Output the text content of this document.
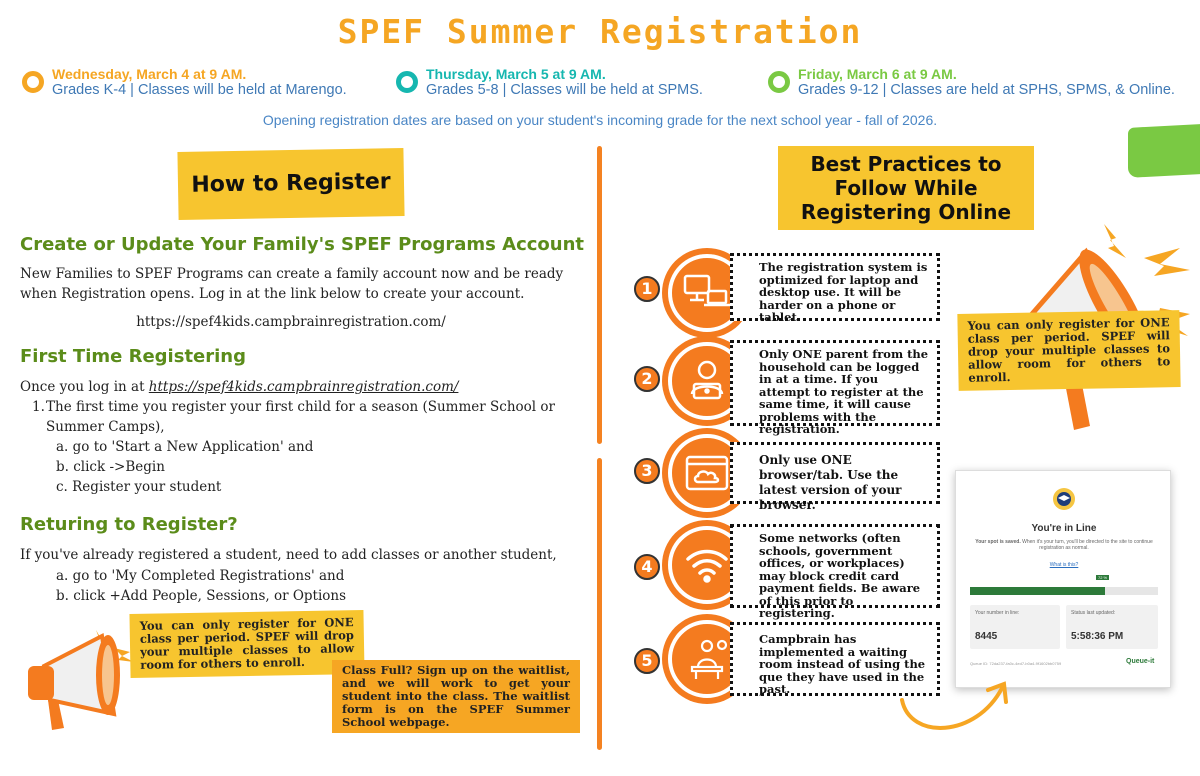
SPEF Summer Registration
Wednesday, March 4 at 9 AM.
Grades K-4 | Classes will be held at Marengo.
Thursday, March 5 at 9 AM.
Grades 5-8 | Classes will be held at SPMS.
Friday, March 6 at 9 AM.
Grades 9-12 | Classes are held at SPHS, SPMS, & Online.
Opening registration dates are based on your student's incoming grade for the next school year - fall of 2026.
How to Register
Create or Update Your Family's SPEF Programs Account
New Families to SPEF Programs can create a family account now and be ready when Registration opens. Log in at the link below to create your account.
https://spef4kids.campbrainregistration.com/
First Time Registering
Once you log in at https://spef4kids.campbrainregistration.com/
1. The first time you register your first child for a season (Summer School or Summer Camps),
a. go to 'Start a New Application' and
b. click ->Begin
c. Register your student
Returing to Register?
If you've already registered a student, need to add classes or another student,
a. go to 'My Completed Registrations' and
b. click +Add People, Sessions, or Options
You can only register for ONE class per period. SPEF will drop your multiple classes to allow room for others to enroll.	Class Full? Sign up on the waitlist, and we will work to get your student into the class. The waitlist form is on the SPEF Summer School webpage.
Best Practices to Follow While Registering Online
You can only register for ONE class per period. SPEF will drop your multiple classes to allow room for others to enroll.
1
The registration system is optimized for laptop and desktop use. It will be harder on a phone or tablet.
2
Only ONE parent from the household can be logged in at a time. If you attempt to register at the same time, it will cause problems with the registration.
3
Only use ONE browser/tab. Use the latest version of your browser.
4
Some networks (often schools, government offices, or workplaces) may block credit card payment fields. Be aware of this prior to registering.
5
Campbrain has implemented a waiting room instead of using the que they have used in the past.
You're in Line
Your spot is saved. When it's your turn, you'll be directed to the site to continue registration as normal.
What is this?
72 %
Your number in line:
8445
Status last updated:
5:58:36 PM
Queue ID: 72da237-fa0c-4ed7-b0a4-9f1602bb0759	Queue-it
